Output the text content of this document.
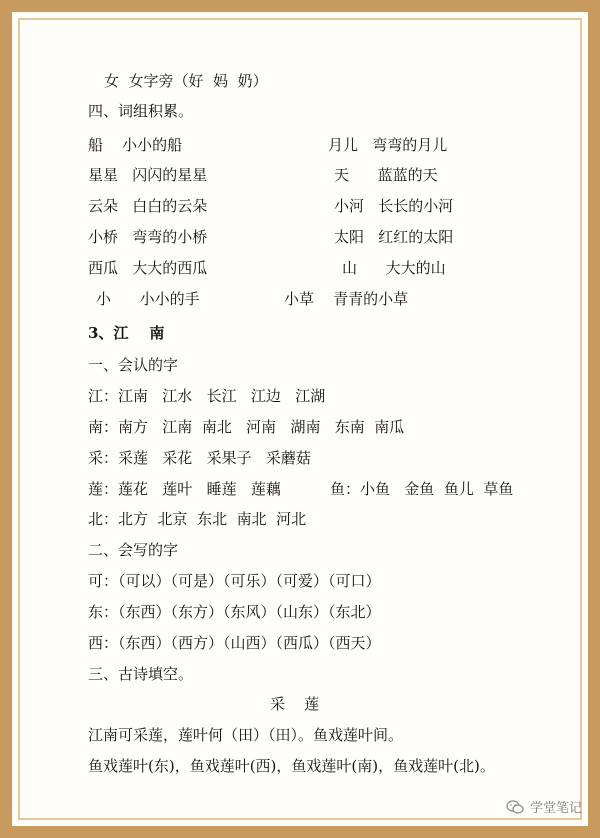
女  女字旁（好  妈  奶）
四、词组积累。
船    小小的船	月儿   弯弯的月儿
星星   闪闪的星星	天      蓝蓝的天
云朵   白白的云朵	小河   长长的小河
小桥   弯弯的小桥	太阳   红红的太阳
西瓜   大大的西瓜	山      大大的山
小      小小的手	小草    青青的小草
3、江    南
一、会认的字
江：江南   江水   长江   江边   江湖
南：南方   江南  南北   河南   湖南   东南  南瓜
采：采莲   采花   采果子   采蘑菇
莲：莲花   莲叶   睡莲   莲藕	鱼：小鱼   金鱼  鱼儿  草鱼
北：北方  北京  东北  南北  河北
二、会写的字
可：（可以）（可是）（可乐）（可爱）（可口）
东：（东西）（东方）（东风）（山东）（东北）
西：（东西）（西方）（山西）（西瓜）（西天）
三、古诗填空。
采    莲
江南可采莲，莲叶何（田）（田）。鱼戏莲叶间。
鱼戏莲叶(东)，鱼戏莲叶(西)，鱼戏莲叶(南)，鱼戏莲叶(北)。
学堂笔记
